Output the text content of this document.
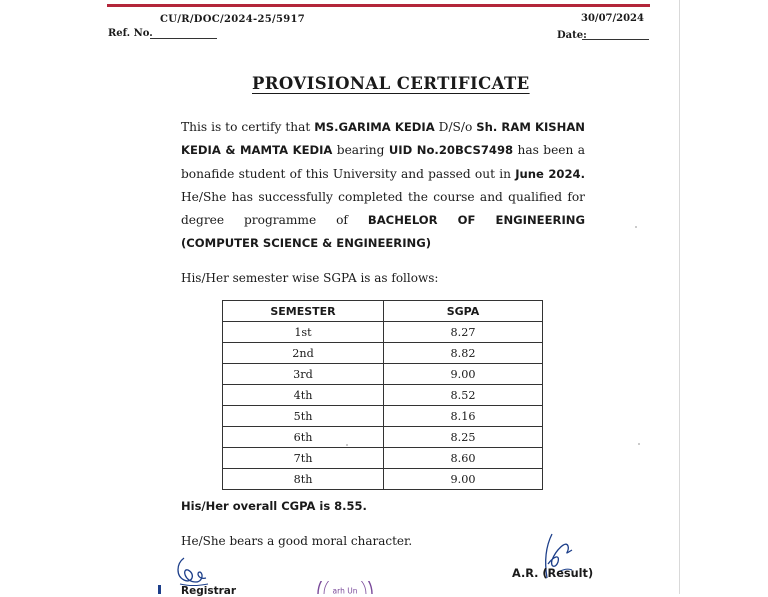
CU/R/DOC/2024-25/5917
Ref. No.
30/07/2024
Date:
PROVISIONAL CERTIFICATE

This is to certify that MS.GARIMA KEDIA D/S/o Sh. RAM KISHAN KEDIA & MAMTA KEDIA bearing UID No.20BCS7498 has been a bonafide student of this University and passed out in June 2024. He/She has successfully completed the course and qualified for degree programme of BACHELOR OF ENGINEERING (COMPUTER SCIENCE & ENGINEERING)

His/Her semester wise SGPA is as follows:
SEMESTER	SGPA
1st	8.27
2nd	8.82
3rd	9.00
4th	8.52
5th	8.16
6th	8.25
7th	8.60
8th	9.00
His/Her overall CGPA is 8.55.
He/She bears a good moral character.
A.R. (Result)
Registrar	arh Un
